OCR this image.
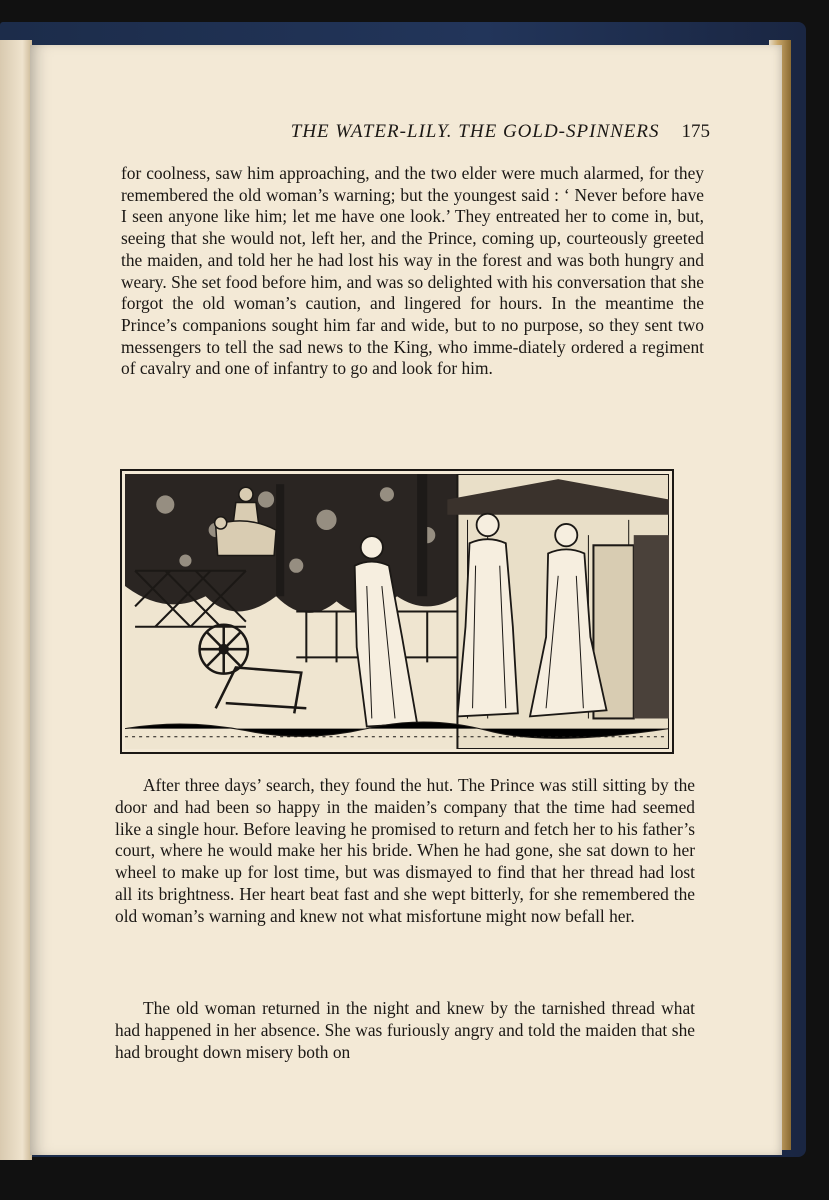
THE WATER-LILY. THE GOLD-SPINNERS 175

for coolness, saw him approaching, and the two elder were much alarmed, for they remembered the old woman’s warning; but the youngest said : ‘ Never before have I seen anyone like him; let me have one look.’ They entreated her to come in, but, seeing that she would not, left her, and the Prince, coming up, courteously greeted the maiden, and told her he had lost his way in the forest and was both hungry and weary. She set food before him, and was so delighted with his conversation that she forgot the old woman’s caution, and lingered for hours. In the meantime the Prince’s companions sought him far and wide, but to no purpose, so they sent two messengers to tell the sad news to the King, who imme-diately ordered a regiment of cavalry and one of infantry to go and look for him.

After three days’ search, they found the hut. The Prince was still sitting by the door and had been so happy in the maiden’s company that the time had seemed like a single hour. Before leaving he promised to return and fetch her to his father’s court, where he would make her his bride. When he had gone, she sat down to her wheel to make up for lost time, but was dismayed to find that her thread had lost all its brightness. Her heart beat fast and she wept bitterly, for she remembered the old woman’s warning and knew not what misfortune might now befall her.

The old woman returned in the night and knew by the tarnished thread what had happened in her absence. She was furiously angry and told the maiden that she had brought down misery both on
